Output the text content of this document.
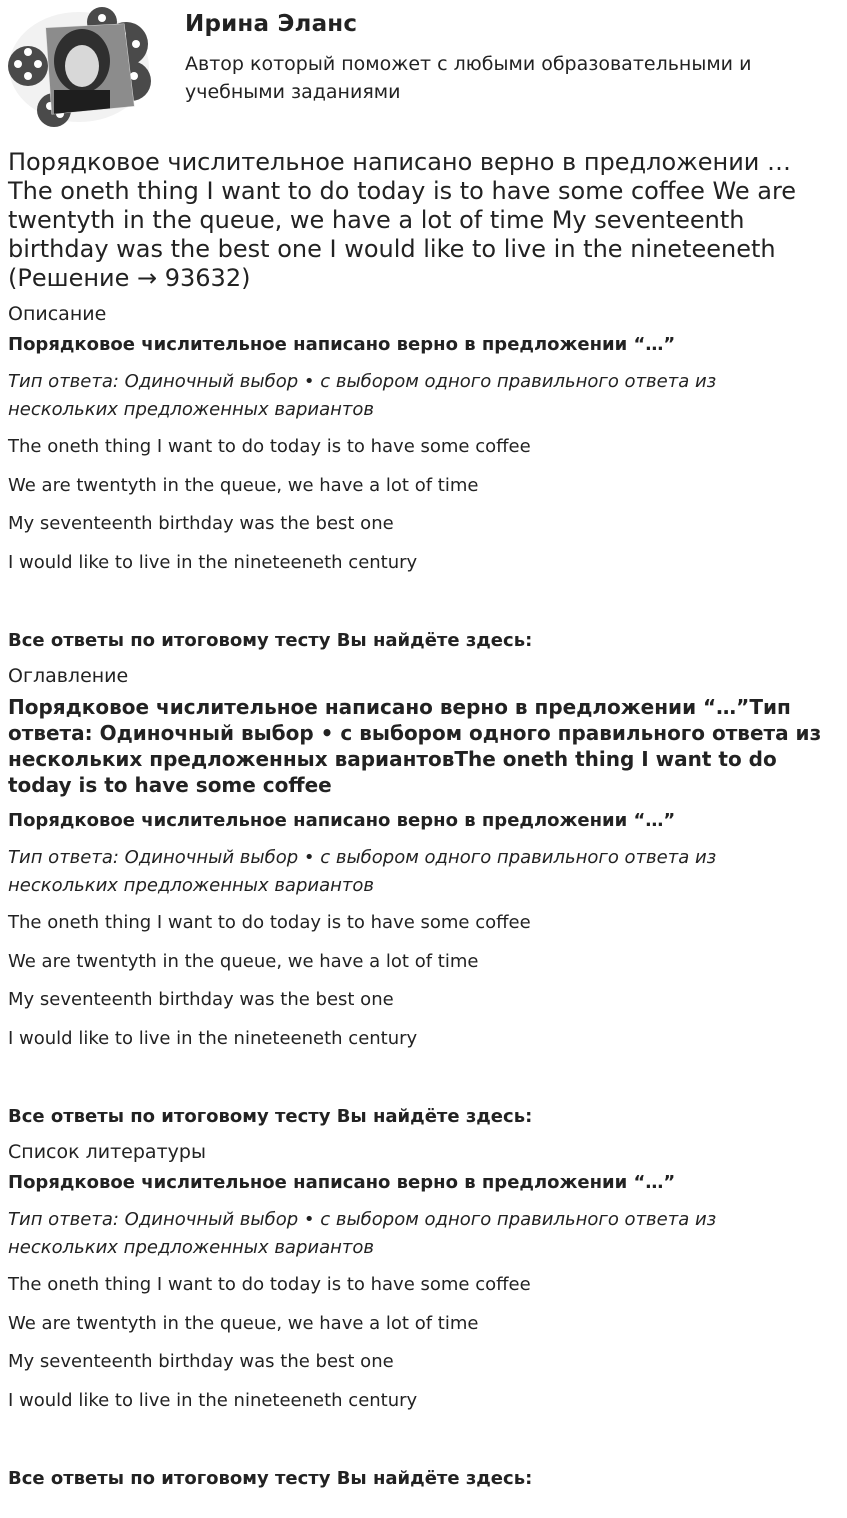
Ирина Эланс
Автор который поможет с любыми образовательными и учебными заданиями
Порядковое числительное написано верно в предложении … The oneth thing I want to do today is to have some coffee We are twentyth in the queue, we have a lot of time My seventeenth birthday was the best one I would like to live in the nineteeneth (Решение → 93632)
Описание
Порядковое числительное написано верно в предложении “…”
Тип ответа: Одиночный выбор • с выбором одного правильного ответа из нескольких предложенных вариантов
The oneth thing I want to do today is to have some coffee
We are twentyth in the queue, we have a lot of time
My seventeenth birthday was the best one
I would like to live in the nineteeneth century
Все ответы по итоговому тесту Вы найдёте здесь:
Оглавление
Порядковое числительное написано верно в предложении “…”Тип ответа: Одиночный выбор • с выбором одного правильного ответа из нескольких предложенных вариантовThe oneth thing I want to do today is to have some coffee
Порядковое числительное написано верно в предложении “…”
Тип ответа: Одиночный выбор • с выбором одного правильного ответа из нескольких предложенных вариантов
The oneth thing I want to do today is to have some coffee
We are twentyth in the queue, we have a lot of time
My seventeenth birthday was the best one
I would like to live in the nineteeneth century
Все ответы по итоговому тесту Вы найдёте здесь:
Список литературы
Порядковое числительное написано верно в предложении “…”
Тип ответа: Одиночный выбор • с выбором одного правильного ответа из нескольких предложенных вариантов
The oneth thing I want to do today is to have some coffee
We are twentyth in the queue, we have a lot of time
My seventeenth birthday was the best one
I would like to live in the nineteeneth century
Все ответы по итоговому тесту Вы найдёте здесь:
